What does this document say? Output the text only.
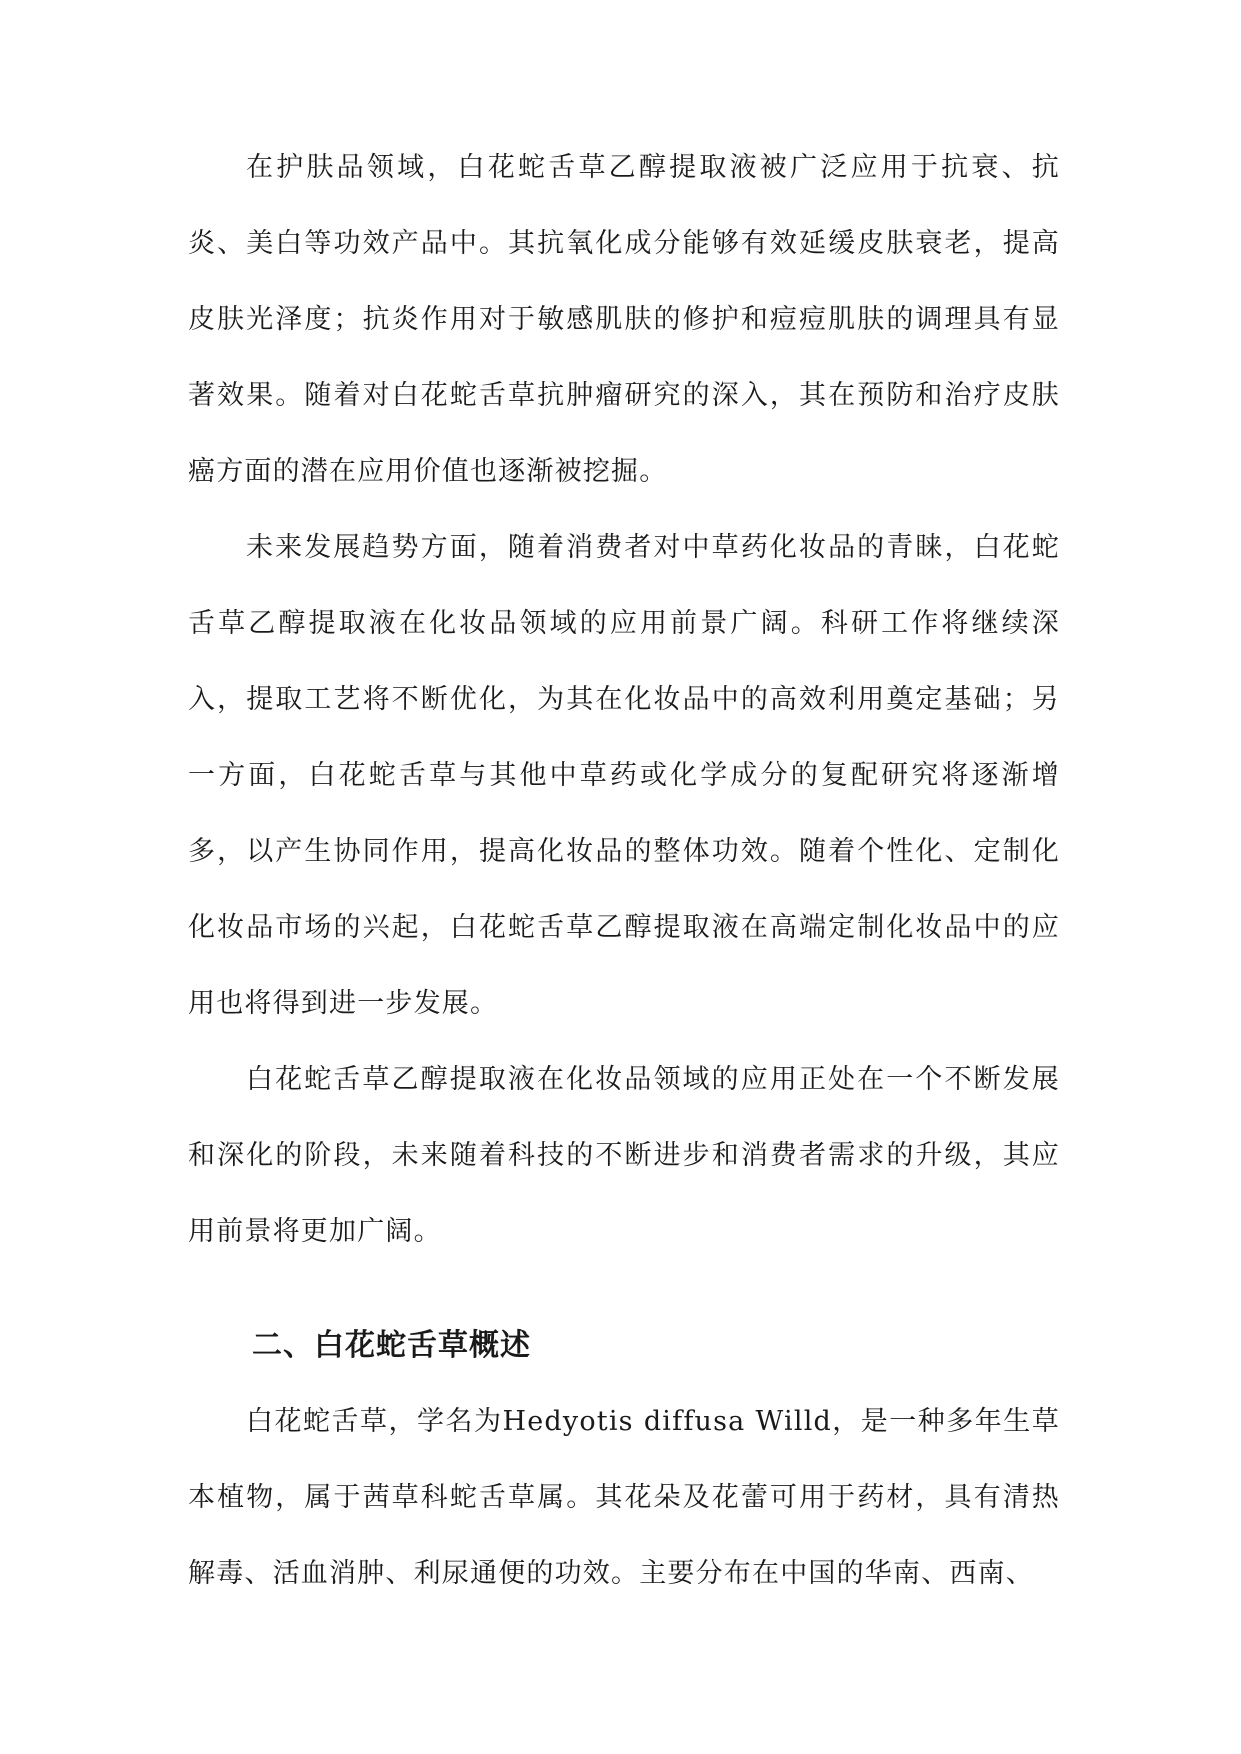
在护肤品领域，白花蛇舌草乙醇提取液被广泛应用于抗衰、抗炎、美白等功效产品中。其抗氧化成分能够有效延缓皮肤衰老，提高皮肤光泽度；抗炎作用对于敏感肌肤的修护和痘痘肌肤的调理具有显著效果。随着对白花蛇舌草抗肿瘤研究的深入，其在预防和治疗皮肤癌方面的潜在应用价值也逐渐被挖掘。

未来发展趋势方面，随着消费者对中草药化妆品的青睐，白花蛇舌草乙醇提取液在化妆品领域的应用前景广阔。科研工作将继续深入，提取工艺将不断优化，为其在化妆品中的高效利用奠定基础；另一方面，白花蛇舌草与其他中草药或化学成分的复配研究将逐渐增多，以产生协同作用，提高化妆品的整体功效。随着个性化、定制化化妆品市场的兴起，白花蛇舌草乙醇提取液在高端定制化妆品中的应用也将得到进一步发展。

白花蛇舌草乙醇提取液在化妆品领域的应用正处在一个不断发展和深化的阶段，未来随着科技的不断进步和消费者需求的升级，其应用前景将更加广阔。

二、白花蛇舌草概述

白花蛇舌草，学名为Hedyotis diffusa Willd，是一种多年生草本植物，属于茜草科蛇舌草属。其花朵及花蕾可用于药材，具有清热解毒、活血消肿、利尿通便的功效。主要分布在中国的华南、西南、
